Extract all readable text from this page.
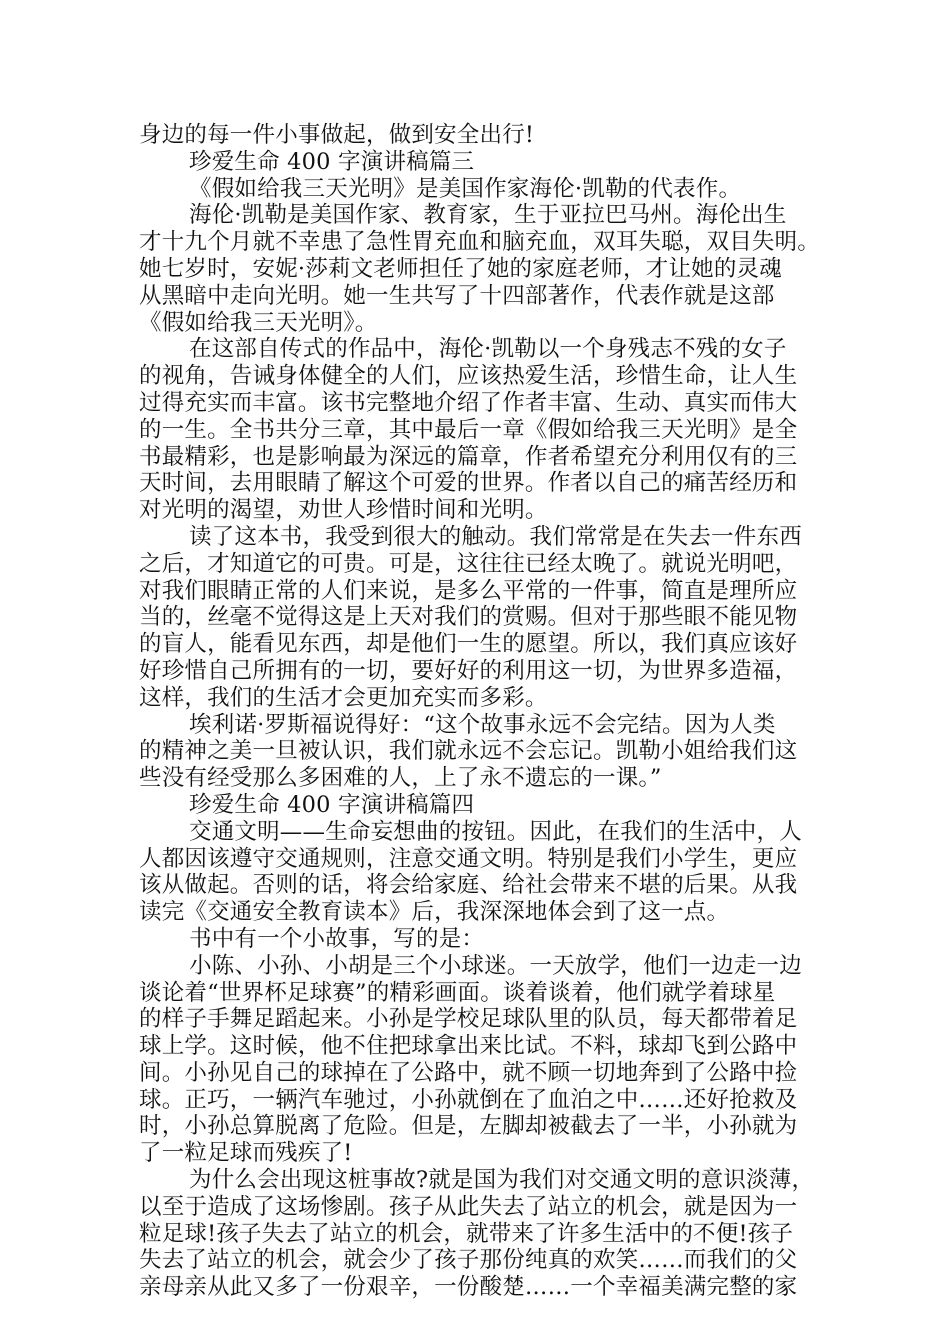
身边的每一件小事做起，做到安全出行!
珍爱生命 400 字演讲稿篇三
《假如给我三天光明》是美国作家海伦·凯勒的代表作。
海伦·凯勒是美国作家、教育家，生于亚拉巴马州。海伦出生
才十九个月就不幸患了急性胃充血和脑充血，双耳失聪，双目失明。
她七岁时，安妮·莎莉文老师担任了她的家庭老师，才让她的灵魂
从黑暗中走向光明。她一生共写了十四部著作，代表作就是这部
《假如给我三天光明》。
在这部自传式的作品中，海伦·凯勒以一个身残志不残的女子
的视角，告诫身体健全的人们，应该热爱生活，珍惜生命，让人生
过得充实而丰富。该书完整地介绍了作者丰富、生动、真实而伟大
的一生。全书共分三章，其中最后一章《假如给我三天光明》是全
书最精彩，也是影响最为深远的篇章，作者希望充分利用仅有的三
天时间，去用眼睛了解这个可爱的世界。作者以自己的痛苦经历和
对光明的渴望，劝世人珍惜时间和光明。
读了这本书，我受到很大的触动。我们常常是在失去一件东西
之后，才知道它的可贵。可是，这往往已经太晚了。就说光明吧，
对我们眼睛正常的人们来说，是多么平常的一件事，简直是理所应
当的，丝毫不觉得这是上天对我们的赏赐。但对于那些眼不能见物
的盲人，能看见东西，却是他们一生的愿望。所以，我们真应该好
好珍惜自己所拥有的一切，要好好的利用这一切，为世界多造福，
这样，我们的生活才会更加充实而多彩。
埃利诺·罗斯福说得好：“这个故事永远不会完结。因为人类
的精神之美一旦被认识，我们就永远不会忘记。凯勒小姐给我们这
些没有经受那么多困难的人，上了永不遗忘的一课。”
珍爱生命 400 字演讲稿篇四
交通文明——生命妄想曲的按钮。因此，在我们的生活中，人
人都因该遵守交通规则，注意交通文明。特别是我们小学生，更应
该从做起。否则的话，将会给家庭、给社会带来不堪的后果。从我
读完《交通安全教育读本》后，我深深地体会到了这一点。
书中有一个小故事，写的是：
小陈、小孙、小胡是三个小球迷。一天放学，他们一边走一边
谈论着“世界杯足球赛”的精彩画面。谈着谈着，他们就学着球星
的样子手舞足蹈起来。小孙是学校足球队里的队员，每天都带着足
球上学。这时候，他不住把球拿出来比试。不料，球却飞到公路中
间。小孙见自己的球掉在了公路中，就不顾一切地奔到了公路中捡
球。正巧，一辆汽车驰过，小孙就倒在了血泊之中……还好抢救及
时，小孙总算脱离了危险。但是，左脚却被截去了一半，小孙就为
了一粒足球而残疾了!
为什么会出现这桩事故?就是国为我们对交通文明的意识淡薄，
以至于造成了这场惨剧。孩子从此失去了站立的机会，就是因为一
粒足球!孩子失去了站立的机会，就带来了许多生活中的不便!孩子
失去了站立的机会，就会少了孩子那份纯真的欢笑……而我们的父
亲母亲从此又多了一份艰辛，一份酸楚……一个幸福美满完整的家
